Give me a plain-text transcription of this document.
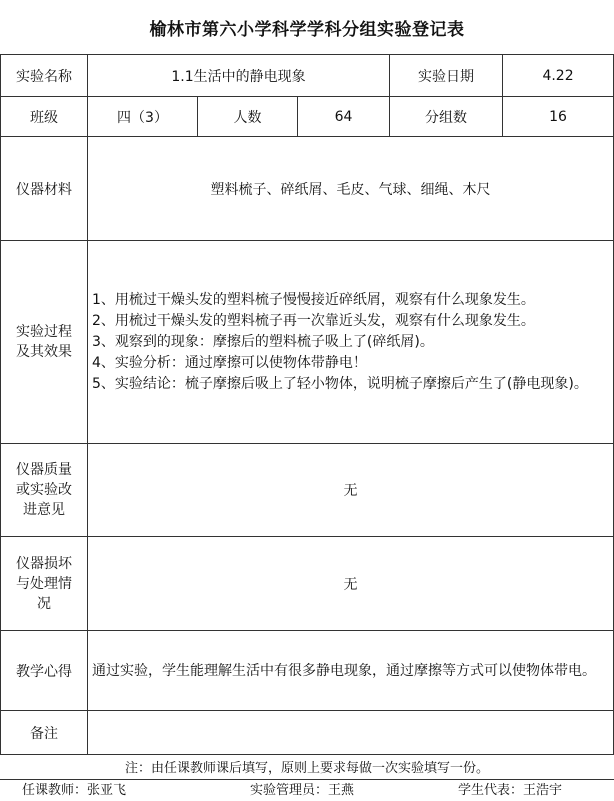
榆林市第六小学科学学科分组实验登记表
实验名称	1.1生活中的静电现象			实验日期	4.22
班级	四（3）	人数	64	分组数	16
仪器材料	塑料梳子、碎纸屑、毛皮、气球、细绳、木尺				

实验过程及其效果	1、用梳过干燥头发的塑料梳子慢慢接近碎纸屑，观察有什么现象发生。
2、用梳过干燥头发的塑料梳子再一次靠近头发，观察有什么现象发生。
3、观察到的现象：摩擦后的塑料梳子吸上了(碎纸屑)。
4、实验分析：通过摩擦可以使物体带静电！
5、实验结论：梳子摩擦后吸上了轻小物体，说明梳子摩擦后产生了(静电现象)。				

仪器质量或实验改进意见	无				

仪器损坏与处理情况	无				
教学心得	通过实验，学生能理解生活中有很多静电现象，通过摩擦等方式可以使物体带电。				
备注					
注：由任课教师课后填写，原则上要求每做一次实验填写一份。
任课教师：张亚飞	实验管理员：王燕	学生代表：王浩宇
